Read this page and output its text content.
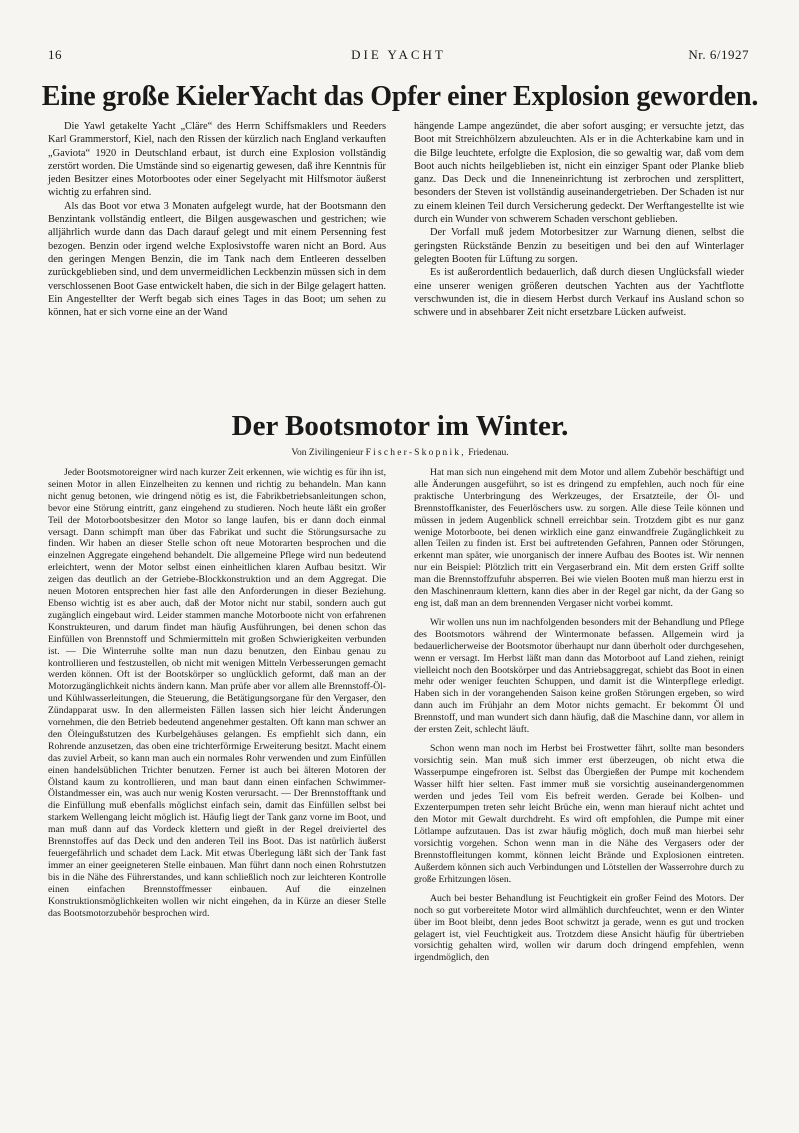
16	DIE YACHT	Nr. 6/1927
Eine große KielerYacht das Opfer einer Explosion geworden.

Die Yawl getakelte Yacht „Cläre“ des Herrn Schiffsmaklers und Reeders Karl Grammerstorf, Kiel, nach den Rissen der kürzlich nach England verkauften „Gaviota“ 1920 in Deutschland erbaut, ist durch eine Explosion vollständig zerstört worden. Die Umstände sind so eigenartig gewesen, daß ihre Kenntnis für jeden Besitzer eines Motorbootes oder einer Segelyacht mit Hilfsmotor äußerst wichtig zu erfahren sind.

Als das Boot vor etwa 3 Monaten aufgelegt wurde, hat der Bootsmann den Benzintank vollständig entleert, die Bilgen ausgewaschen und gestrichen; wie alljährlich wurde dann das Dach darauf gelegt und mit einem Persenning fest bezogen. Benzin oder irgend welche Explosivstoffe waren nicht an Bord. Aus den geringen Mengen Benzin, die im Tank nach dem Entleeren desselben zurückgeblieben sind, und dem unvermeidlichen Leckbenzin müssen sich in dem verschlossenen Boot Gase entwickelt haben, die sich in der Bilge gelagert hatten. Ein Angestellter der Werft begab sich eines Tages in das Boot; um sehen zu können, hat er sich vorne eine an der Wand

hängende Lampe angezündet, die aber sofort ausging; er versuchte jetzt, das Boot mit Streichhölzern abzuleuchten. Als er in die Achterkabine kam und in die Bilge leuchtete, erfolgte die Explosion, die so gewaltig war, daß vom dem Boot auch nichts heilgeblieben ist, nicht ein einziger Spant oder Planke blieb ganz. Das Deck und die Inneneinrichtung ist zerbrochen und zersplittert, besonders der Steven ist vollständig auseinandergetrieben. Der Schaden ist nur zu einem kleinen Teil durch Versicherung gedeckt. Der Werftangestellte ist wie durch ein Wunder von schwerem Schaden verschont geblieben.

Der Vorfall muß jedem Motorbesitzer zur Warnung dienen, selbst die geringsten Rückstände Benzin zu beseitigen und bei den auf Winterlager gelegten Booten für Lüftung zu sorgen.

Es ist außerordentlich bedauerlich, daß durch diesen Unglücksfall wieder eine unserer wenigen größeren deutschen Yachten aus der Yachtflotte verschwunden ist, die in diesem Herbst durch Verkauf ins Ausland schon so schwere und in absehbarer Zeit nicht ersetzbare Lücken aufweist.

Der Bootsmotor im Winter.
Von Zivilingenieur Fischer-Skopnik, Friedenau.

Jeder Bootsmotoreigner wird nach kurzer Zeit erkennen, wie wichtig es für ihn ist, seinen Motor in allen Einzelheiten zu kennen und richtig zu behandeln. Man kann nicht genug betonen, wie dringend nötig es ist, die Fabrikbetriebsanleitungen schon, bevor eine Störung eintritt, ganz eingehend zu studieren. Noch heute läßt ein großer Teil der Motorbootsbesitzer den Motor so lange laufen, bis er dann doch einmal versagt. Dann schimpft man über das Fabrikat und sucht die Störungsursache zu finden. Wir haben an dieser Stelle schon oft neue Motorarten besprochen und die einzelnen Aggregate eingehend behandelt. Die allgemeine Pflege wird nun bedeutend erleichtert, wenn der Motor selbst einen einheitlichen klaren Aufbau besitzt. Wir zeigen das deutlich an der Getriebe-Blockkonstruktion und an dem Aggregat. Die neuen Motoren entsprechen hier fast alle den Anforderungen in dieser Beziehung. Ebenso wichtig ist es aber auch, daß der Motor nicht nur stabil, sondern auch gut zugänglich eingebaut wird. Leider stammen manche Motorboote nicht von erfahrenen Konstrukteuren, und darum findet man häufig Ausführungen, bei denen schon das Einfüllen von Brennstoff und Schmiermitteln mit großen Schwierigkeiten verbunden ist. — Die Winterruhe sollte man nun dazu benutzen, den Einbau genau zu kontrollieren und festzustellen, ob nicht mit wenigen Mitteln Verbesserungen gemacht werden können. Oft ist der Bootskörper so unglücklich geformt, daß man an der Motorzugänglichkeit nichts ändern kann. Man prüfe aber vor allem alle Brennstoff-Öl- und Kühlwasserleitungen, die Steuerung, die Betätigungsorgane für den Vergaser, den Zündapparat usw. In den allermeisten Fällen lassen sich hier leicht Änderungen vornehmen, die den Betrieb bedeutend angenehmer gestalten. Oft kann man schwer an den Öleingußstutzen des Kurbelgehäuses gelangen. Es empfiehlt sich dann, ein Rohrende anzusetzen, das oben eine trichterförmige Erweiterung besitzt. Macht einem das zuviel Arbeit, so kann man auch ein normales Rohr verwenden und zum Einfüllen einen handelsüblichen Trichter benutzen. Ferner ist auch bei älteren Motoren der Ölstand kaum zu kontrollieren, und man baut dann einen einfachen Schwimmer-Ölstandmesser ein, was auch nur wenig Kosten verursacht. — Der Brennstofftank und die Einfüllung muß ebenfalls möglichst einfach sein, damit das Einfüllen selbst bei starkem Wellengang leicht möglich ist. Häufig liegt der Tank ganz vorne im Boot, und man muß dann auf das Vordeck klettern und gießt in der Regel dreiviertel des Brennstoffes auf das Deck und den anderen Teil ins Boot. Das ist natürlich äußerst feuergefährlich und schadet dem Lack. Mit etwas Überlegung läßt sich der Tank fast immer an einer geeigneteren Stelle einbauen. Man führt dann noch einen Rohrstutzen bis in die Nähe des Führerstandes, und kann schließlich noch zur leichteren Kontrolle einen einfachen Brennstoffmesser einbauen. Auf die einzelnen Konstruktionsmöglichkeiten wollen wir nicht eingehen, da in Kürze an dieser Stelle das Bootsmotorzubehör besprochen wird.

Hat man sich nun eingehend mit dem Motor und allem Zubehör beschäftigt und alle Änderungen ausgeführt, so ist es dringend zu empfehlen, auch noch für eine praktische Unterbringung des Werkzeuges, der Ersatzteile, der Öl- und Brennstoffkanister, des Feuerlöschers usw. zu sorgen. Alle diese Teile können und müssen in jedem Augenblick schnell erreichbar sein. Trotzdem gibt es nur ganz wenige Motorboote, bei denen wirklich eine ganz einwandfreie Zugänglichkeit zu allen Teilen zu finden ist. Erst bei auftretenden Gefahren, Pannen oder Störungen, erkennt man später, wie unorganisch der innere Aufbau des Bootes ist. Wir nennen nur ein Beispiel: Plötzlich tritt ein Vergaserbrand ein. Mit dem ersten Griff sollte man die Brennstoffzufuhr absperren. Bei wie vielen Booten muß man hierzu erst in den Maschinenraum klettern, kann dies aber in der Regel gar nicht, da der Gang so eng ist, daß man an dem brennenden Vergaser nicht vorbei kommt.

Wir wollen uns nun im nachfolgenden besonders mit der Behandlung und Pflege des Bootsmotors während der Wintermonate befassen. Allgemein wird ja bedauerlicherweise der Bootsmotor überhaupt nur dann überholt oder durchgesehen, wenn er versagt. Im Herbst läßt man dann das Motorboot auf Land ziehen, reinigt vielleicht noch den Bootskörper und das Antriebsaggregat, schiebt das Boot in einen mehr oder weniger feuchten Schuppen, und damit ist die Winterpflege erledigt. Haben sich in der vorangehenden Saison keine großen Störungen ergeben, so wird dann auch im Frühjahr an dem Motor nichts gemacht. Er bekommt Öl und Brennstoff, und man wundert sich dann häufig, daß die Maschine dann, vor allem in der ersten Zeit, schlecht läuft.

Schon wenn man noch im Herbst bei Frostwetter fährt, sollte man besonders vorsichtig sein. Man muß sich immer erst überzeugen, ob nicht etwa die Wasserpumpe eingefroren ist. Selbst das Übergießen der Pumpe mit kochendem Wasser hilft hier selten. Fast immer muß sie vorsichtig auseinandergenommen werden und jedes Teil vom Eis befreit werden. Gerade bei Kolben- und Exzenterpumpen treten sehr leicht Brüche ein, wenn man hierauf nicht achtet und den Motor mit Gewalt durchdreht. Es wird oft empfohlen, die Pumpe mit einer Lötlampe aufzutauen. Das ist zwar häufig möglich, doch muß man hierbei sehr vorsichtig vorgehen. Schon wenn man in die Nähe des Vergasers oder der Brennstoffleitungen kommt, können leicht Brände und Explosionen eintreten. Außerdem können sich auch Verbindungen und Lötstellen der Wasserrohre durch zu große Erhitzungen lösen.

Auch bei bester Behandlung ist Feuchtigkeit ein großer Feind des Motors. Der noch so gut vorbereitete Motor wird allmählich durchfeuchtet, wenn er den Winter über im Boot bleibt, denn jedes Boot schwitzt ja gerade, wenn es gut und trocken gelagert ist, viel Feuchtigkeit aus. Trotzdem diese Ansicht häufig für übertrieben vorsichtig gehalten wird, wollen wir darum doch dringend empfehlen, wenn irgendmöglich, den
